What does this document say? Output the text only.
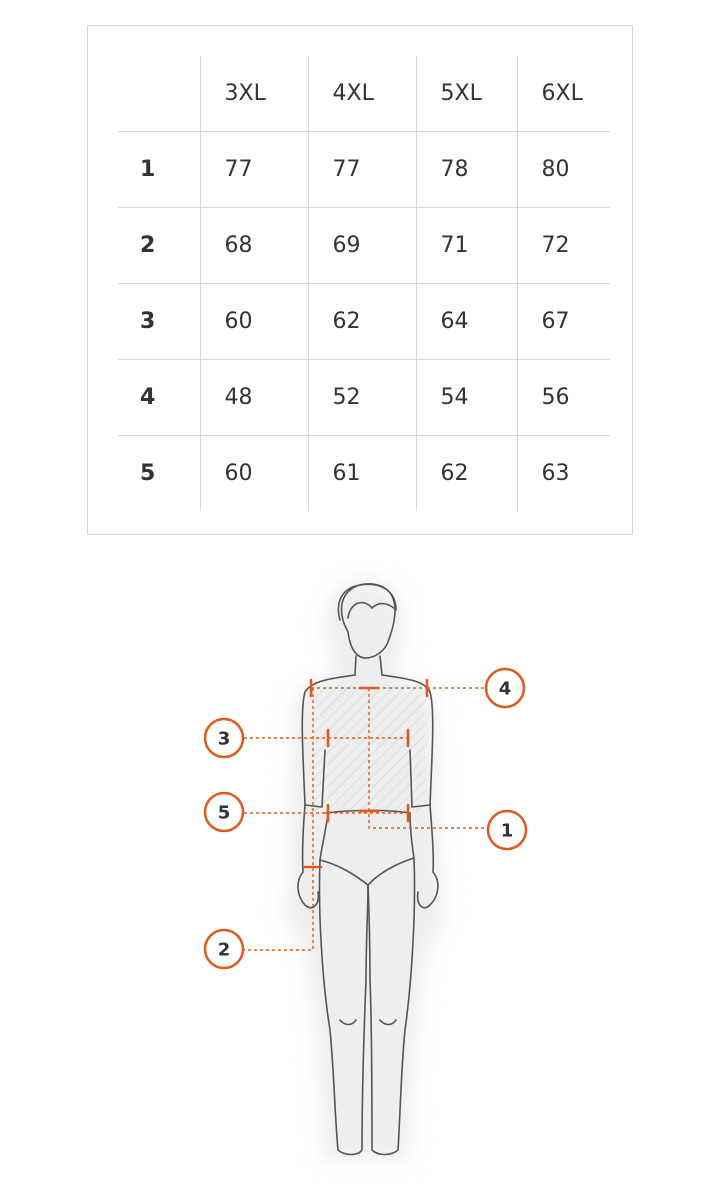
	3XL	4XL	5XL	6XL
1	77	77	78	80
2	68	69	71	72
3	60	62	64	67
4	48	52	54	56
5	60	61	62	63
4
3
5
1
2
